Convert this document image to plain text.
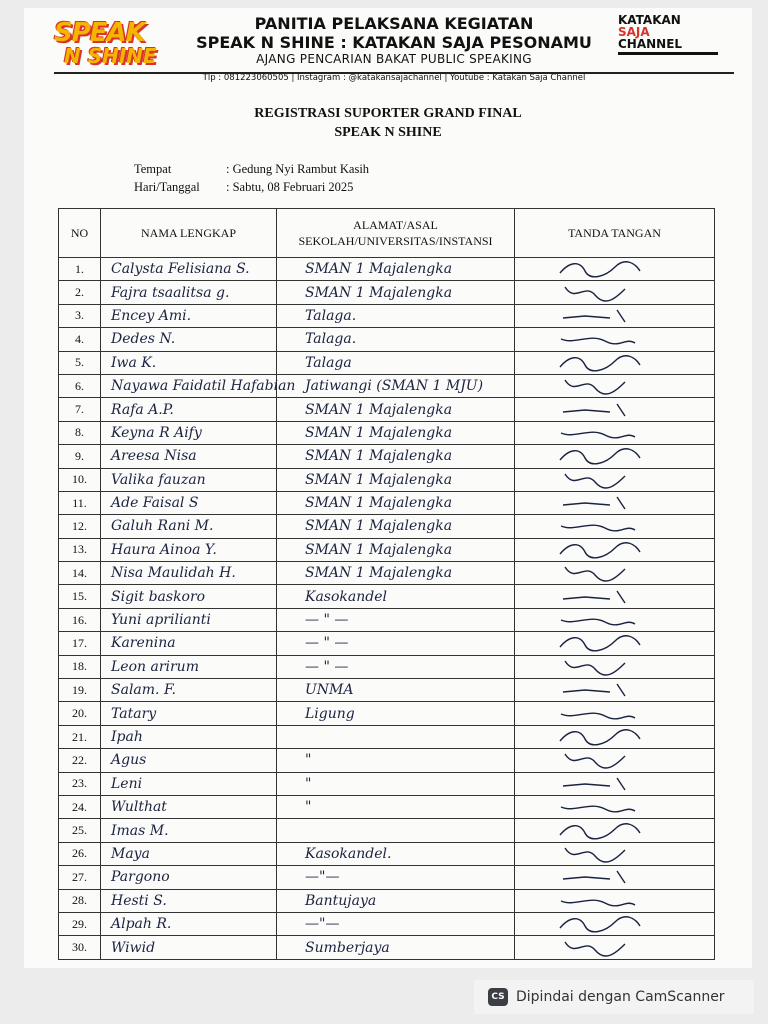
SPEAK
N SHINE
PANITIA PELAKSANA KEGIATAN
SPEAK N SHINE : KATAKAN SAJA PESONAMU
AJANG PENCARIAN BAKAT PUBLIC SPEAKING
Tlp : 081223060505 | Instagram : @katakansajachannel | Youtube : Katakan Saja Channel
KATAKAN
SAJA
CHANNEL
REGISTRASI SUPORTER GRAND FINAL
SPEAK N SHINE
Tempat	: Gedung Nyi Rambut Kasih
Hari/Tanggal	: Sabtu, 08 Februari 2025
NO	NAMA LENGKAP	ALAMAT/ASAL
SEKOLAH/UNIVERSITAS/INSTANSI	TANDA TANGAN
1.	Calysta Felisiana S.	SMAN 1 Majalengka	

2.	Fajra tsaalitsa g.	SMAN 1 Majalengka	

3.	Encey Ami.	Talaga.	

4.	Dedes N.	Talaga.	

5.	Iwa K.	Talaga	

6.	Nayawa Faidatil Hafabian	Jatiwangi (SMAN 1 MJU)	

7.	Rafa A.P.	SMAN 1 Majalengka	

8.	Keyna R Aify	SMAN 1 Majalengka	

9.	Areesa Nisa	SMAN 1 Majalengka	

10.	Valika fauzan	SMAN 1 Majalengka	

11.	Ade Faisal S	SMAN 1 Majalengka	

12.	Galuh Rani M.	SMAN 1 Majalengka	

13.	Haura Ainoa Y.	SMAN 1 Majalengka	

14.	Nisa Maulidah H.	SMAN 1 Majalengka	

15.	Sigit baskoro	Kasokandel	

16.	Yuni aprilianti	— " —	

17.	Karenina	— " —	

18.	Leon arirum	— " —	

19.	Salam. F.	UNMA	

20.	Tatary	Ligung	

21.	Ipah		

22.	Agus	"	

23.	Leni	"	

24.	Wulthat	"	

25.	Imas M.		

26.	Maya	Kasokandel.	

27.	Pargono	—"—	

28.	Hesti S.	Bantujaya	

29.	Alpah R.	—"—	

30.	Wiwid	Sumberjaya	
CS Dipindai dengan CamScanner
